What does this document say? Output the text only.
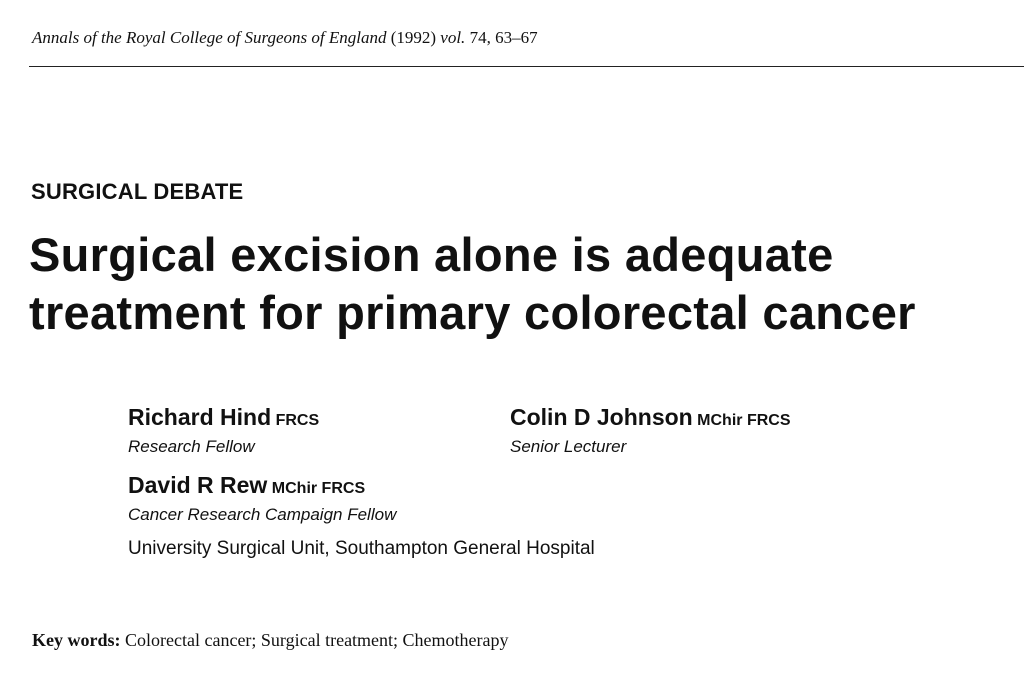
Annals of the Royal College of Surgeons of England (1992) vol. 74, 63–67
SURGICAL DEBATE
Surgical excision alone is adequate
treatment for primary colorectal cancer
Richard Hind FRCS
Research Fellow
Colin D Johnson MChir FRCS
Senior Lecturer
David R Rew MChir FRCS
Cancer Research Campaign Fellow
University Surgical Unit, Southampton General Hospital
Key words: Colorectal cancer; Surgical treatment; Chemotherapy
